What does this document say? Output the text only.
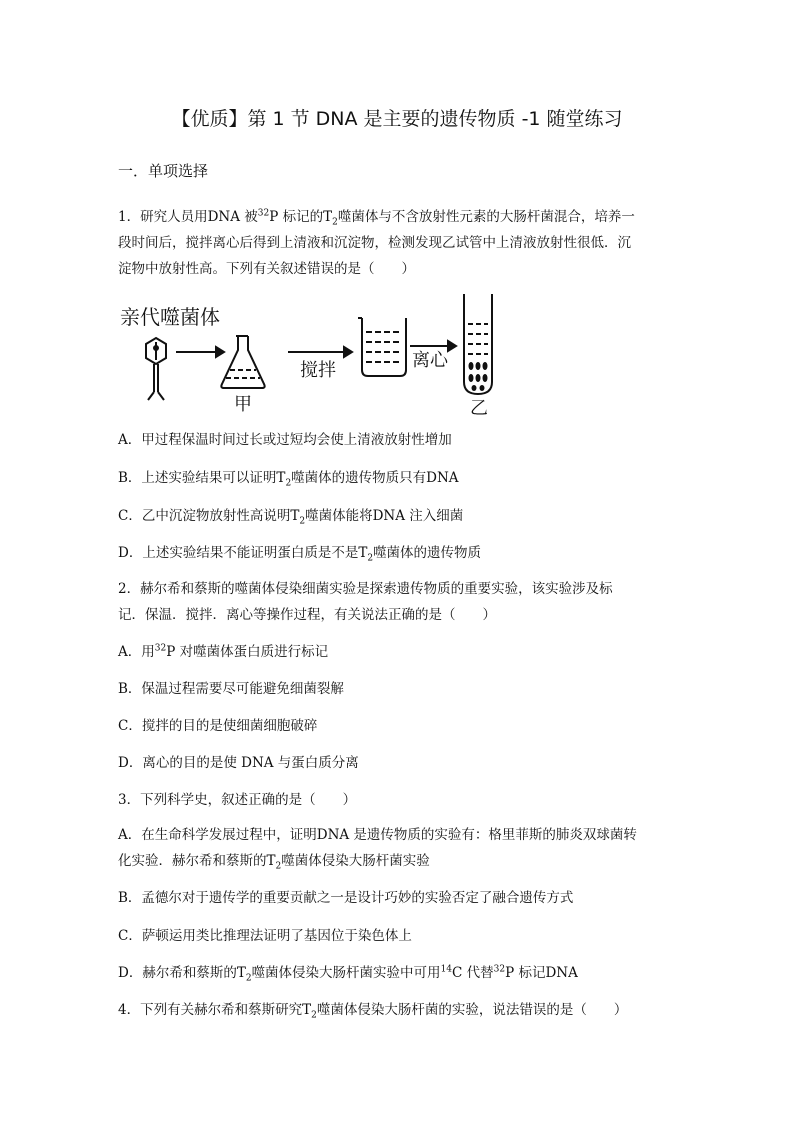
【优质】第 1 节 DNA 是主要的遗传物质 -1 随堂练习
一．单项选择
1．研究人员用DNA 被$^{32}$P 标记的$T_2$噬菌体与不含放射性元素的大肠杆菌混合，培养一
段时间后，搅拌离心后得到上清液和沉淀物，检测发现乙试管中上清液放射性很低．沉
淀物中放射性高。下列有关叙述错误的是（　　）
亲代噬菌体
甲
搅拌	离心
乙
A．甲过程保温时间过长或过短均会使上清液放射性增加
B．上述实验结果可以证明$T_2$噬菌体的遗传物质只有DNA
C．乙中沉淀物放射性高说明$T_2$噬菌体能将DNA 注入细菌
D．上述实验结果不能证明蛋白质是不是$T_2$噬菌体的遗传物质
2．赫尔希和蔡斯的噬菌体侵染细菌实验是探索遗传物质的重要实验，该实验涉及标
记．保温．搅拌．离心等操作过程，有关说法正确的是（　　）
A．用$^{32}$P 对噬菌体蛋白质进行标记
B．保温过程需要尽可能避免细菌裂解
C．搅拌的目的是使细菌细胞破碎
D．离心的目的是使 DNA 与蛋白质分离
3．下列科学史，叙述正确的是（　　）
A．在生命科学发展过程中，证明DNA 是遗传物质的实验有：格里菲斯的肺炎双球菌转
化实验．赫尔希和蔡斯的$T_2$噬菌体侵染大肠杆菌实验
B．孟德尔对于遗传学的重要贡献之一是设计巧妙的实验否定了融合遗传方式
C．萨顿运用类比推理法证明了基因位于染色体上
D．赫尔希和蔡斯的$T_2$噬菌体侵染大肠杆菌实验中可用$^{14}$C 代替$^{32}$P 标记DNA
4．下列有关赫尔希和蔡斯研究$T_2$噬菌体侵染大肠杆菌的实验，说法错误的是（　　）
